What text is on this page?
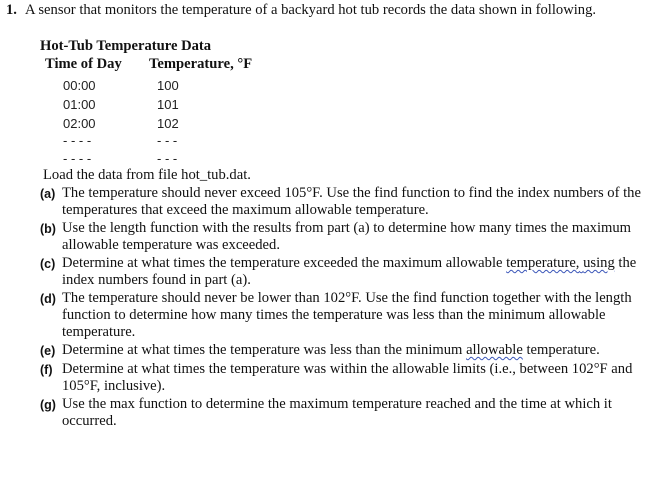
1. A sensor that monitors the temperature of a backyard hot tub records the data shown in following.
Hot-Tub Temperature Data
Time of Day Temperature, °F
00:00	100
01:00	101
02:00	102
- - - -	- - -
- - - -	- - -
Load the data from file hot_tub.dat.
(a) The temperature should never exceed 105°F. Use the find function to find the index numbers of the temperatures that exceed the maximum allowable temperature.
(b) Use the length function with the results from part (a) to determine how many times the maximum allowable temperature was exceeded.
(c) Determine at what times the temperature exceeded the maximum allowable temperature, using the index numbers found in part (a).
(d) The temperature should never be lower than 102°F. Use the find function together with the length function to determine how many times the temperature was less than the minimum allowable temperature.
(e) Determine at what times the temperature was less than the minimum allowable temperature.
(f) Determine at what times the temperature was within the allowable limits (i.e., between 102°F and 105°F, inclusive).
(g) Use the max function to determine the maximum temperature reached and the time at which it occurred.
